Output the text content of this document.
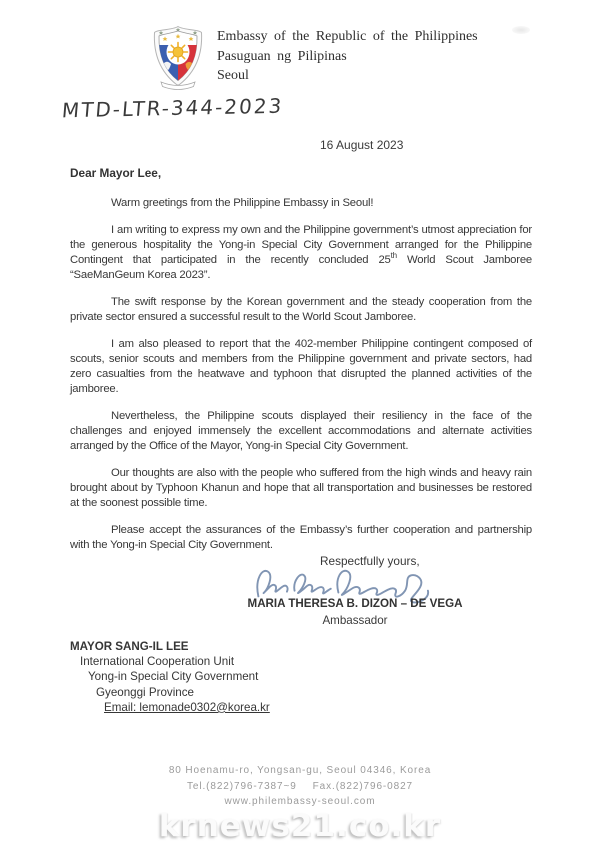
Embassy of the Republic of the Philippines
Pasuguan ng Pilipinas
Seoul
MTD-LTR-344-2023
16 August 2023
Dear Mayor Lee,

Warm greetings from the Philippine Embassy in Seoul!

I am writing to express my own and the Philippine government’s utmost appreciation for the generous hospitality the Yong-in Special City Government arranged for the Philippine Contingent that participated in the recently concluded 25th World Scout Jamboree “SaeManGeum Korea 2023”.

The swift response by the Korean government and the steady cooperation from the private sector ensured a successful result to the World Scout Jamboree.

I am also pleased to report that the 402-member Philippine contingent composed of scouts, senior scouts and members from the Philippine government and private sectors, had zero casualties from the heatwave and typhoon that disrupted the planned activities of the jamboree.

Nevertheless, the Philippine scouts displayed their resiliency in the face of the challenges and enjoyed immensely the excellent accommodations and alternate activities arranged by the Office of the Mayor, Yong-in Special City Government.

Our thoughts are also with the people who suffered from the high winds and heavy rain brought about by Typhoon Khanun and hope that all transportation and businesses be restored at the soonest possible time.

Please accept the assurances of the Embassy’s further cooperation and partnership with the Yong-in Special City Government.

Respectfully yours,
MARIA THERESA B. DIZON – DE VEGA
Ambassador
MAYOR SANG-IL LEE
International Cooperation Unit
Yong-in Special City Government
Gyeonggi Province
Email: lemonade0302@korea.kr
80 Hoenamu-ro, Yongsan-gu, Seoul 04346, Korea
Tel.(822)796-7387~9 Fax.(822)796-0827
www.philembassy-seoul.com
krnews21.co.kr
